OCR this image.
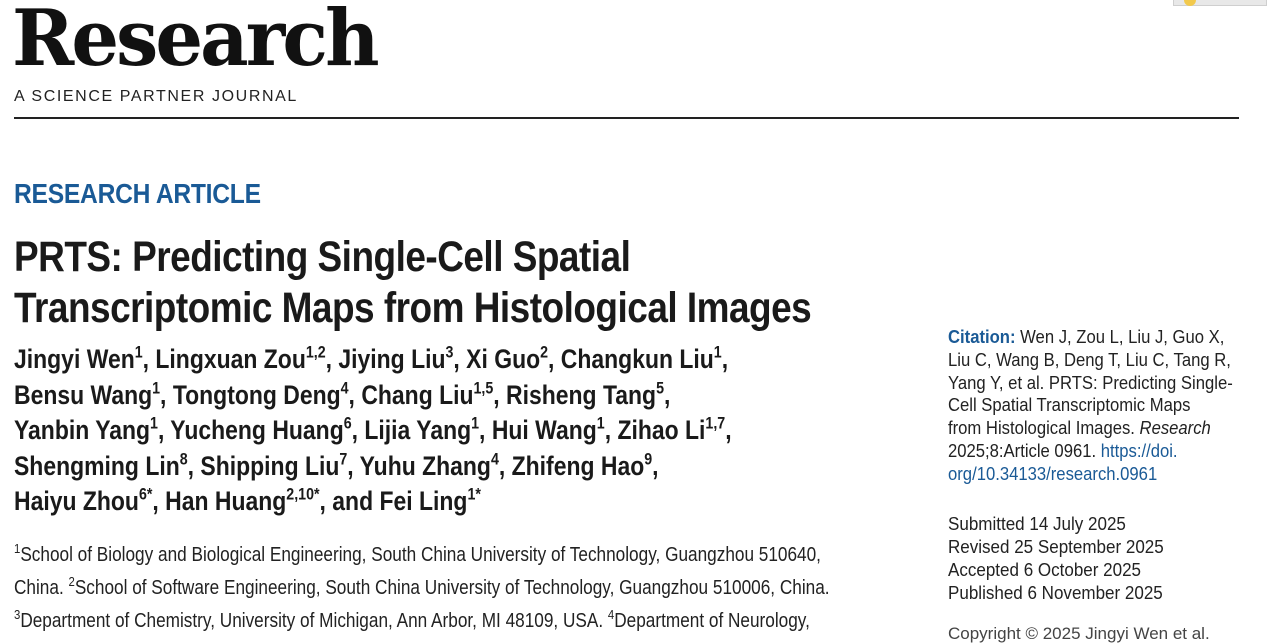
Research
A SCIENCE PARTNER JOURNAL
RESEARCH ARTICLE
PRTS: Predicting Single-Cell Spatial
Transcriptomic Maps from Histological Images
Jingyi Wen$^1$, Lingxuan Zou$^{1,2}$, Jiying Liu$^3$, Xi Guo$^2$, Changkun Liu$^1$,
Bensu Wang$^1$, Tongtong Deng$^4$, Chang Liu$^{1,5}$, Risheng Tang$^5$,
Yanbin Yang$^1$, Yucheng Huang$^6$, Lijia Yang$^1$, Hui Wang$^1$, Zihao Li$^{1,7}$,
Shengming Lin$^8$, Shipping Liu$^7$, Yuhu Zhang$^4$, Zhifeng Hao$^9$,
Haiyu Zhou$^{6*}$, Han Huang$^{2,10*}$, and Fei Ling$^{1*}$
$^1$School of Biology and Biological Engineering, South China University of Technology, Guangzhou 510640,
China. $^2$School of Software Engineering, South China University of Technology, Guangzhou 510006, China.
$^3$Department of Chemistry, University of Michigan, Ann Arbor, MI 48109, USA. $^4$Department of Neurology,
Citation: Wen J, Zou L, Liu J, Guo X,
Liu C, Wang B, Deng T, Liu C, Tang R,
Yang Y, et al. PRTS: Predicting Single-
Cell Spatial Transcriptomic Maps
from Histological Images. Research
2025;8:Article 0961. https://doi.
org/10.34133/research.0961
Submitted 14 July 2025
Revised 25 September 2025
Accepted 6 October 2025
Published 6 November 2025
Copyright © 2025 Jingyi Wen et al.
